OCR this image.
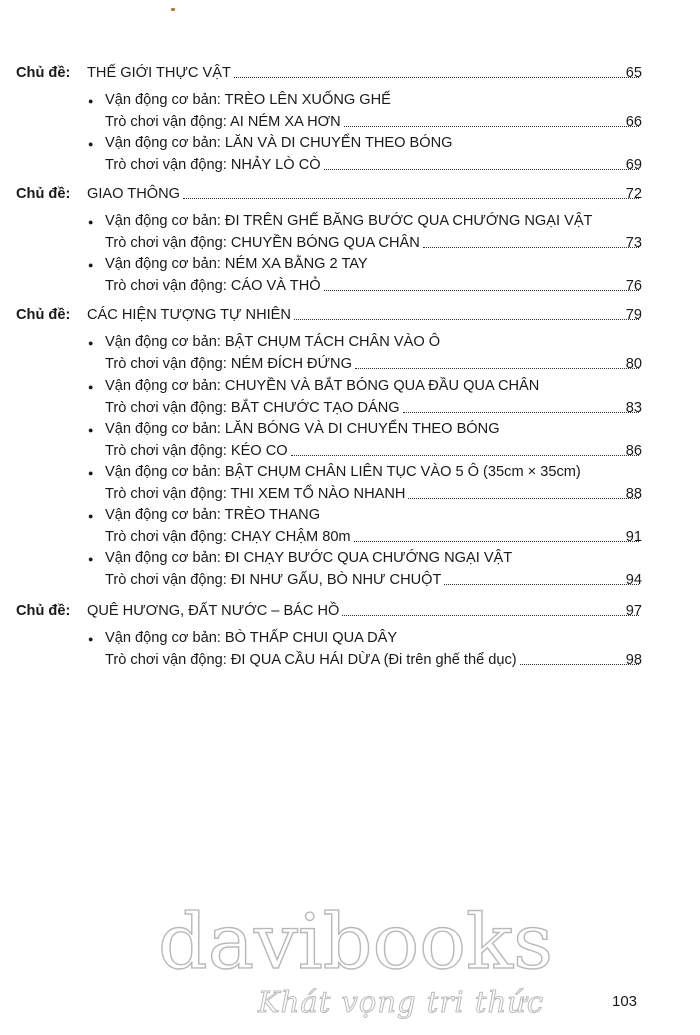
Chủ đề:	THẾ GIỚI THỰC VẬT	65
● Vận động cơ bản: TRÈO LÊN XUỐNG GHẾ
Trò chơi vận động: AI NÉM XA HƠN	66
● Vận động cơ bản: LĂN VÀ DI CHUYỂN THEO BÓNG
Trò chơi vận động: NHẢY LÒ CÒ	69
Chủ đề:	GIAO THÔNG	72
● Vận động cơ bản: ĐI TRÊN GHẾ BĂNG BƯỚC QUA CHƯỚNG NGẠI VẬT
Trò chơi vận động: CHUYỀN BÓNG QUA CHÂN	73
● Vận động cơ bản: NÉM XA BẰNG 2 TAY
Trò chơi vận động: CÁO VÀ THỎ	76
Chủ đề:	CÁC HIỆN TƯỢNG TỰ NHIÊN	79
● Vận động cơ bản: BẬT CHỤM TÁCH CHÂN VÀO Ô
Trò chơi vận động: NÉM ĐÍCH ĐỨNG	80
● Vận động cơ bản: CHUYỀN VÀ BẮT BÓNG QUA ĐẦU QUA CHÂN
Trò chơi vận động: BẮT CHƯỚC TẠO DÁNG	83
● Vận động cơ bản: LĂN BÓNG VÀ DI CHUYỂN THEO BÓNG
Trò chơi vận động: KÉO CO	86
● Vận động cơ bản: BẬT CHỤM CHÂN LIÊN TỤC VÀO 5 Ô (35cm × 35cm)
Trò chơi vận động: THI XEM TỔ NÀO NHANH	88
● Vận động cơ bản: TRÈO THANG
Trò chơi vận động: CHẠY CHẬM 80m	91
● Vận động cơ bản: ĐI CHẠY BƯỚC QUA CHƯỚNG NGẠI VẬT
Trò chơi vận động: ĐI NHƯ GẤU, BÒ NHƯ CHUỘT	94
Chủ đề:	QUÊ HƯƠNG, ĐẤT NƯỚC – BÁC HỒ	97
● Vận động cơ bản: BÒ THẤP CHUI QUA DÂY
Trò chơi vận động: ĐI QUA CẦU HÁI DỪA (Đi trên ghế thể dục)	98
davibooks
Khát vọng tri thức	103
